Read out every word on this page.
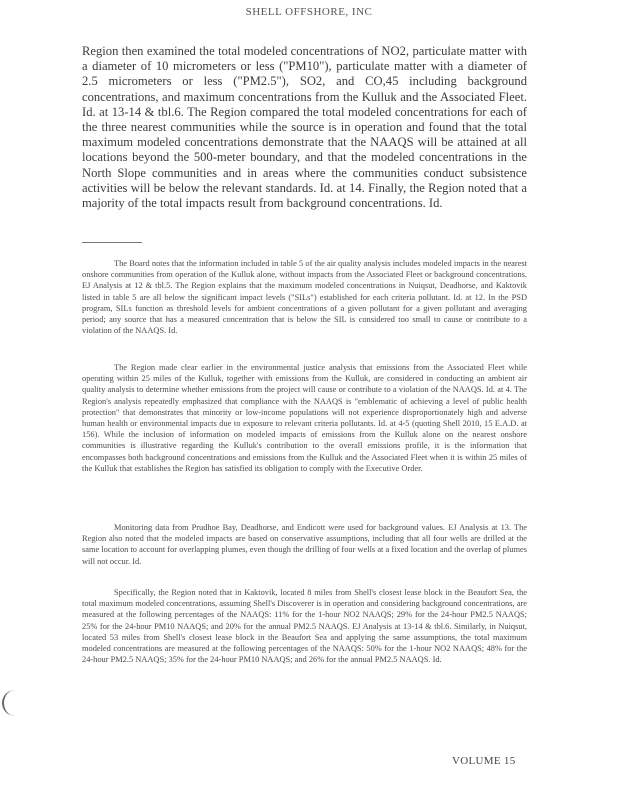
SHELL OFFSHORE, INC
Region then examined the total modeled concentrations of NO2, particulate matter with a diameter of 10 micrometers or less ("PM10"), particulate matter with a diameter of 2.5 micrometers or less ("PM2.5"), SO2, and CO,45 including background concentrations, and maximum concentrations from the Kulluk and the Associated Fleet. Id. at 13-14 & tbl.6. The Region compared the total modeled concentrations for each of the three nearest communities while the source is in operation and found that the total maximum modeled concentrations demonstrate that the NAAQS will be attained at all locations beyond the 500-meter boundary, and that the modeled concentrations in the North Slope communities and in areas where the communities conduct subsistence activities will be below the relevant standards. Id. at 14. Finally, the Region noted that a majority of the total impacts result from background concentrations. Id.

The Board notes that the information included in table 5 of the air quality analysis includes modeled impacts in the nearest onshore communities from operation of the Kulluk alone, without impacts from the Associated Fleet or background concentrations. EJ Analysis at 12 & tbl.5. The Region explains that the maximum modeled concentrations in Nuiqsut, Deadhorse, and Kaktovik listed in table 5 are all below the significant impact levels ("SILs") established for each criteria pollutant. Id. at 12. In the PSD program, SILs function as threshold levels for ambient concentrations of a given pollutant for a given pollutant and averaging period; any source that has a measured concentration that is below the SIL is considered too small to cause or contribute to a violation of the NAAQS. Id.

The Region made clear earlier in the environmental justice analysis that emissions from the Associated Fleet while operating within 25 miles of the Kulluk, together with emissions from the Kulluk, are considered in conducting an ambient air quality analysis to determine whether emissions from the project will cause or contribute to a violation of the NAAQS. Id. at 4. The Region's analysis repeatedly emphasized that compliance with the NAAQS is "emblematic of achieving a level of public health protection" that demonstrates that minority or low-income populations will not experience disproportionately high and adverse human health or environmental impacts due to exposure to relevant criteria pollutants. Id. at 4-5 (quoting Shell 2010, 15 E.A.D. at 156). While the inclusion of information on modeled impacts of emissions from the Kulluk alone on the nearest onshore communities is illustrative regarding the Kulluk's contribution to the overall emissions profile, it is the information that encompasses both background concentrations and emissions from the Kulluk and the Associated Fleet when it is within 25 miles of the Kulluk that establishes the Region has satisfied its obligation to comply with the Executive Order.

Monitoring data from Prudhoe Bay, Deadhorse, and Endicott were used for background values. EJ Analysis at 13. The Region also noted that the modeled impacts are based on conservative assumptions, including that all four wells are drilled at the same location to account for overlapping plumes, even though the drilling of four wells at a fixed location and the overlap of plumes will not occur. Id.

Specifically, the Region noted that in Kaktovik, located 8 miles from Shell's closest lease block in the Beaufort Sea, the total maximum modeled concentrations, assuming Shell's Discoverer is in operation and considering background concentrations, are measured at the following percentages of the NAAQS: 11% for the 1-hour NO2 NAAQS; 29% for the 24-hour PM2.5 NAAQS; 25% for the 24-hour PM10 NAAQS; and 20% for the annual PM2.5 NAAQS. EJ Analysis at 13-14 & tbl.6. Similarly, in Nuiqsut, located 53 miles from Shell's closest lease block in the Beaufort Sea and applying the same assumptions, the total maximum modeled concentrations are measured at the following percentages of the NAAQS: 50% for the 1-hour NO2 NAAQS; 48% for the 24-hour PM2.5 NAAQS; 35% for the 24-hour PM10 NAAQS; and 26% for the annual PM2.5 NAAQS. Id.

VOLUME 15
